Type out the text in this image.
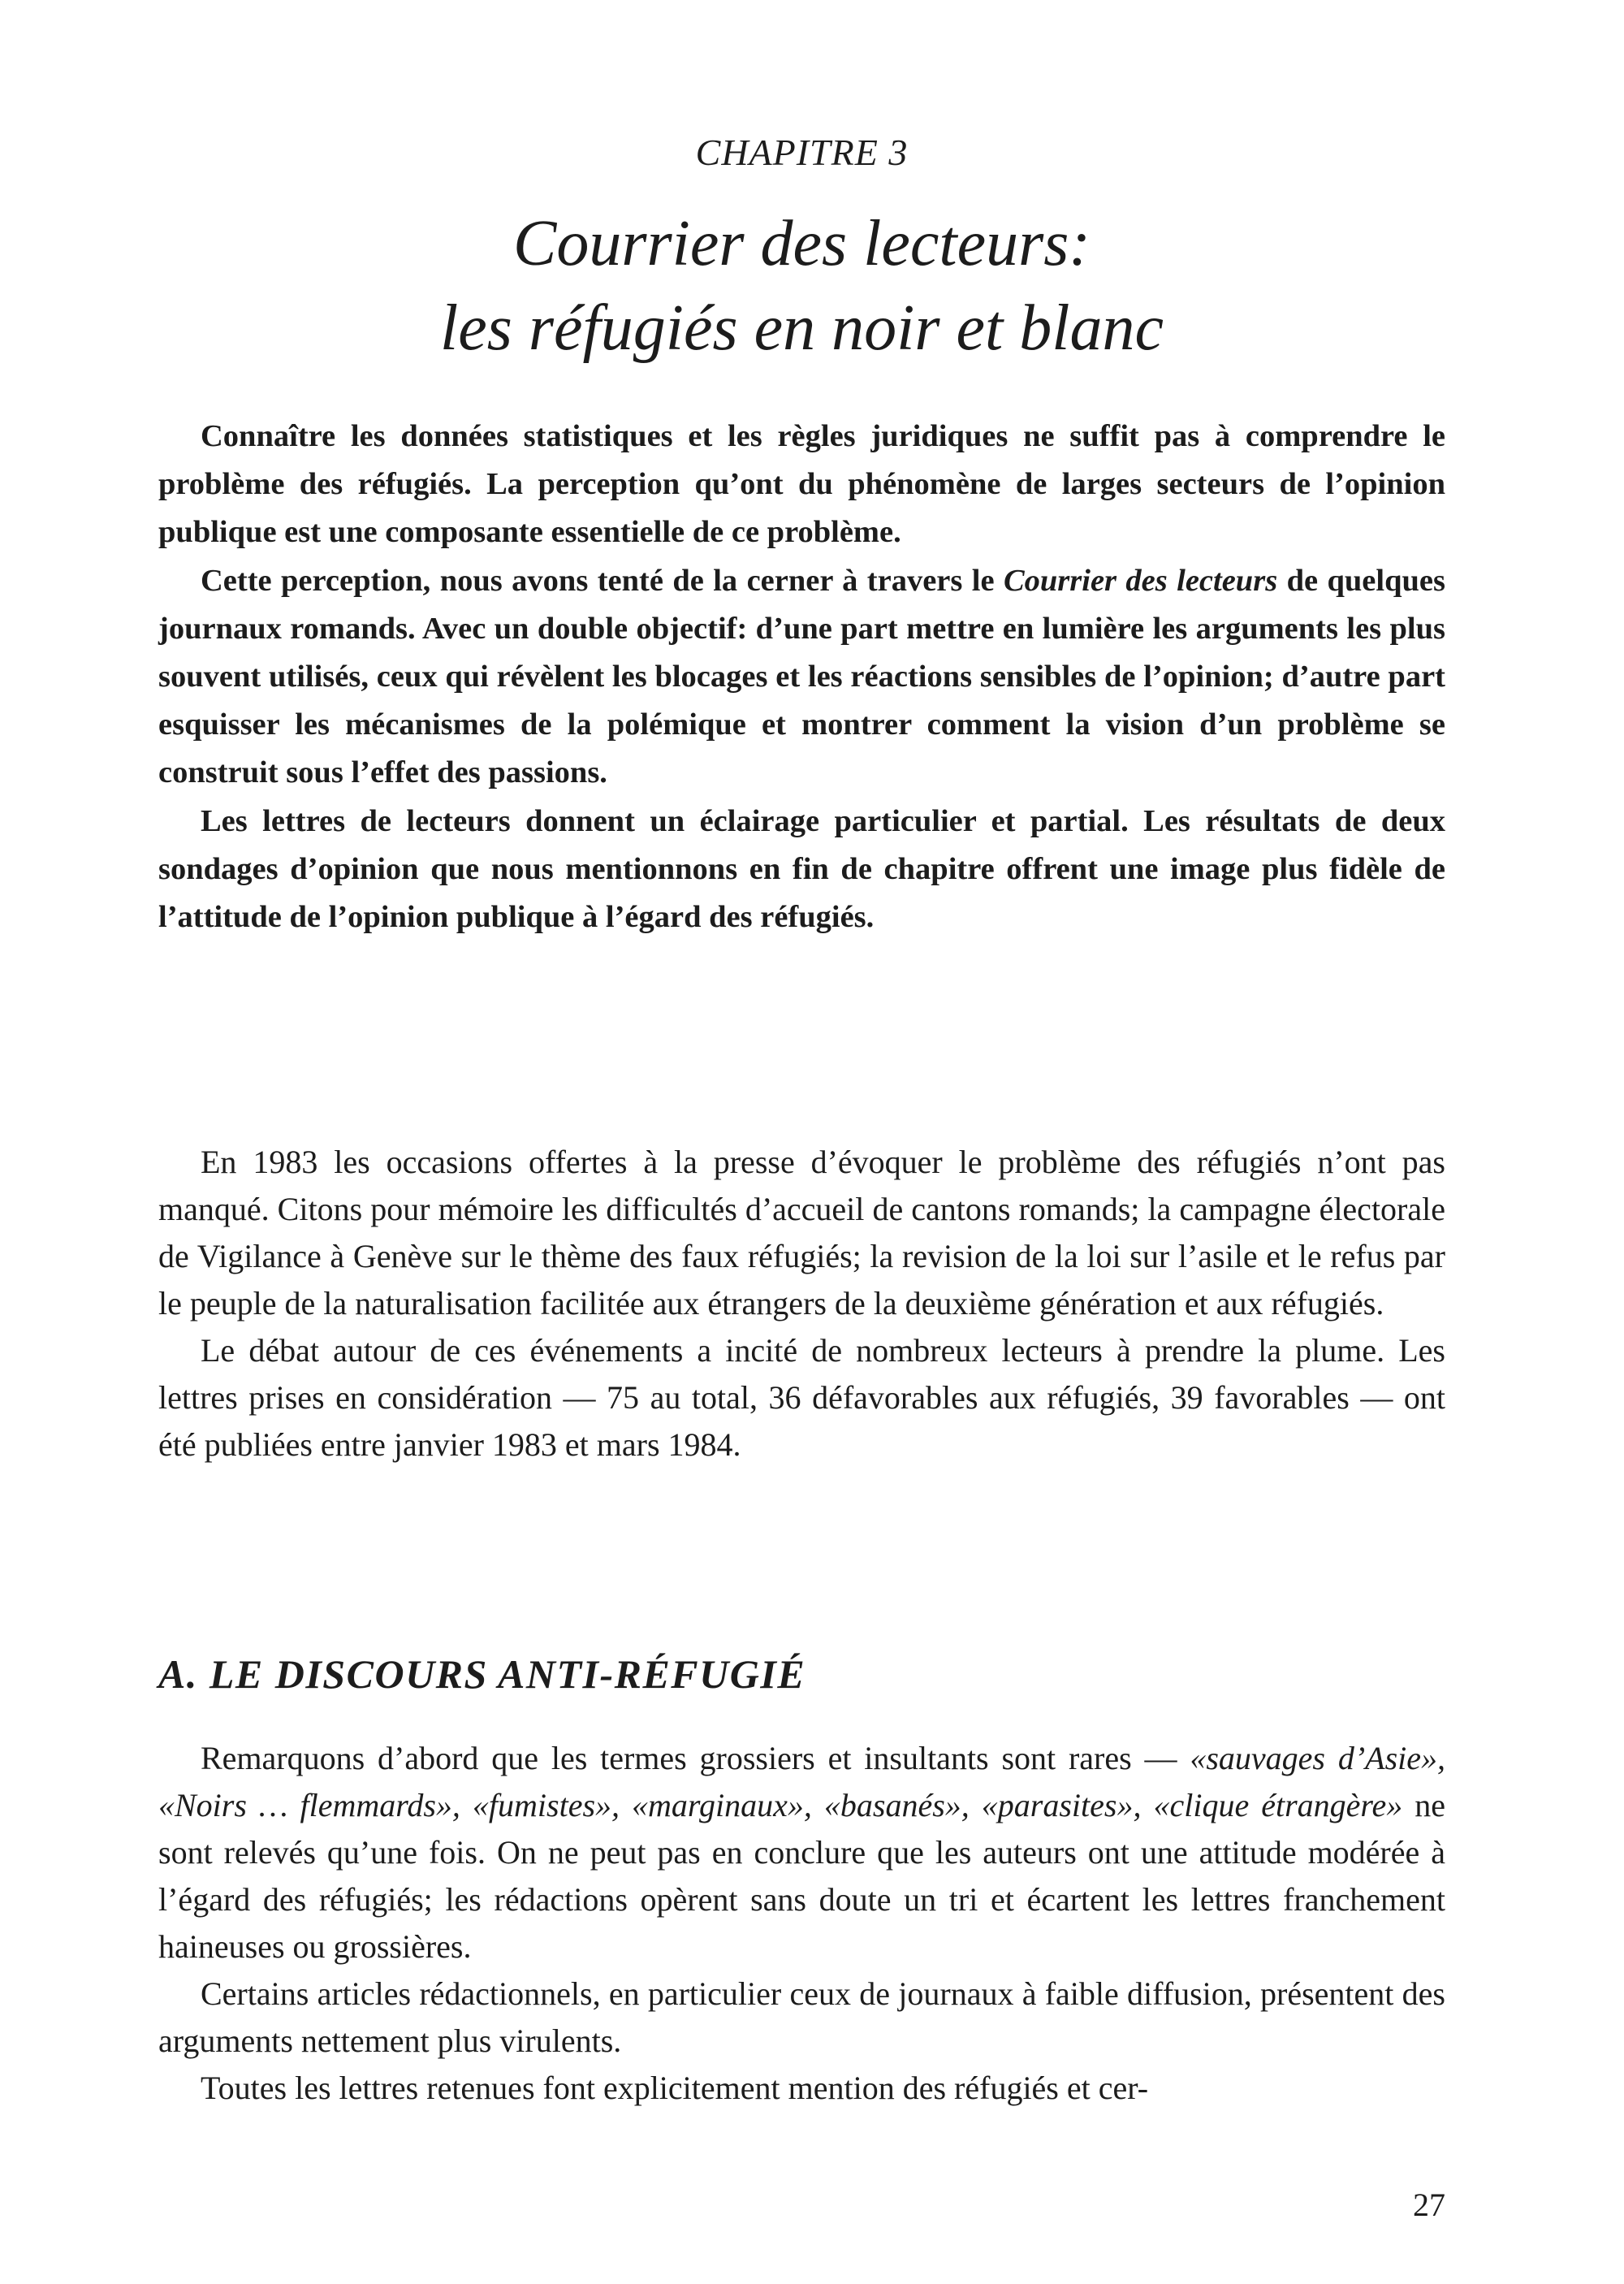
CHAPITRE 3
Courrier des lecteurs:
les réfugiés en noir et blanc

Connaître les données statistiques et les règles juridiques ne suffit pas à comprendre le problème des réfugiés. La perception qu’ont du phénomène de larges secteurs de l’opinion publique est une composante essentielle de ce problème.

Cette perception, nous avons tenté de la cerner à travers le Courrier des lecteurs de quelques journaux romands. Avec un double objectif: d’une part mettre en lumière les arguments les plus souvent utilisés, ceux qui révèlent les blocages et les réactions sensibles de l’opinion; d’autre part esquisser les mécanismes de la polémique et montrer comment la vision d’un problème se construit sous l’effet des passions.

Les lettres de lecteurs donnent un éclairage particulier et partial. Les résultats de deux sondages d’opinion que nous mentionnons en fin de chapitre offrent une image plus fidèle de l’attitude de l’opinion publique à l’égard des réfugiés.

En 1983 les occasions offertes à la presse d’évoquer le problème des réfugiés n’ont pas manqué. Citons pour mémoire les difficultés d’accueil de cantons romands; la campagne électorale de Vigilance à Genève sur le thème des faux réfugiés; la revision de la loi sur l’asile et le refus par le peuple de la naturalisation facilitée aux étrangers de la deuxième génération et aux réfugiés.

Le débat autour de ces événements a incité de nombreux lecteurs à prendre la plume. Les lettres prises en considération — 75 au total, 36 défavorables aux réfugiés, 39 favorables — ont été publiées entre janvier 1983 et mars 1984.

A. LE DISCOURS ANTI-RÉFUGIÉ

Remarquons d’abord que les termes grossiers et insultants sont rares — «sauvages d’Asie», «Noirs … flemmards», «fumistes», «marginaux», «basanés», «parasites», «clique étrangère» ne sont relevés qu’une fois. On ne peut pas en conclure que les auteurs ont une attitude modérée à l’égard des réfugiés; les rédactions opèrent sans doute un tri et écartent les lettres franchement haineuses ou grossières.

Certains articles rédactionnels, en particulier ceux de journaux à faible diffusion, présentent des arguments nettement plus virulents.

Toutes les lettres retenues font explicitement mention des réfugiés et cer-

27
